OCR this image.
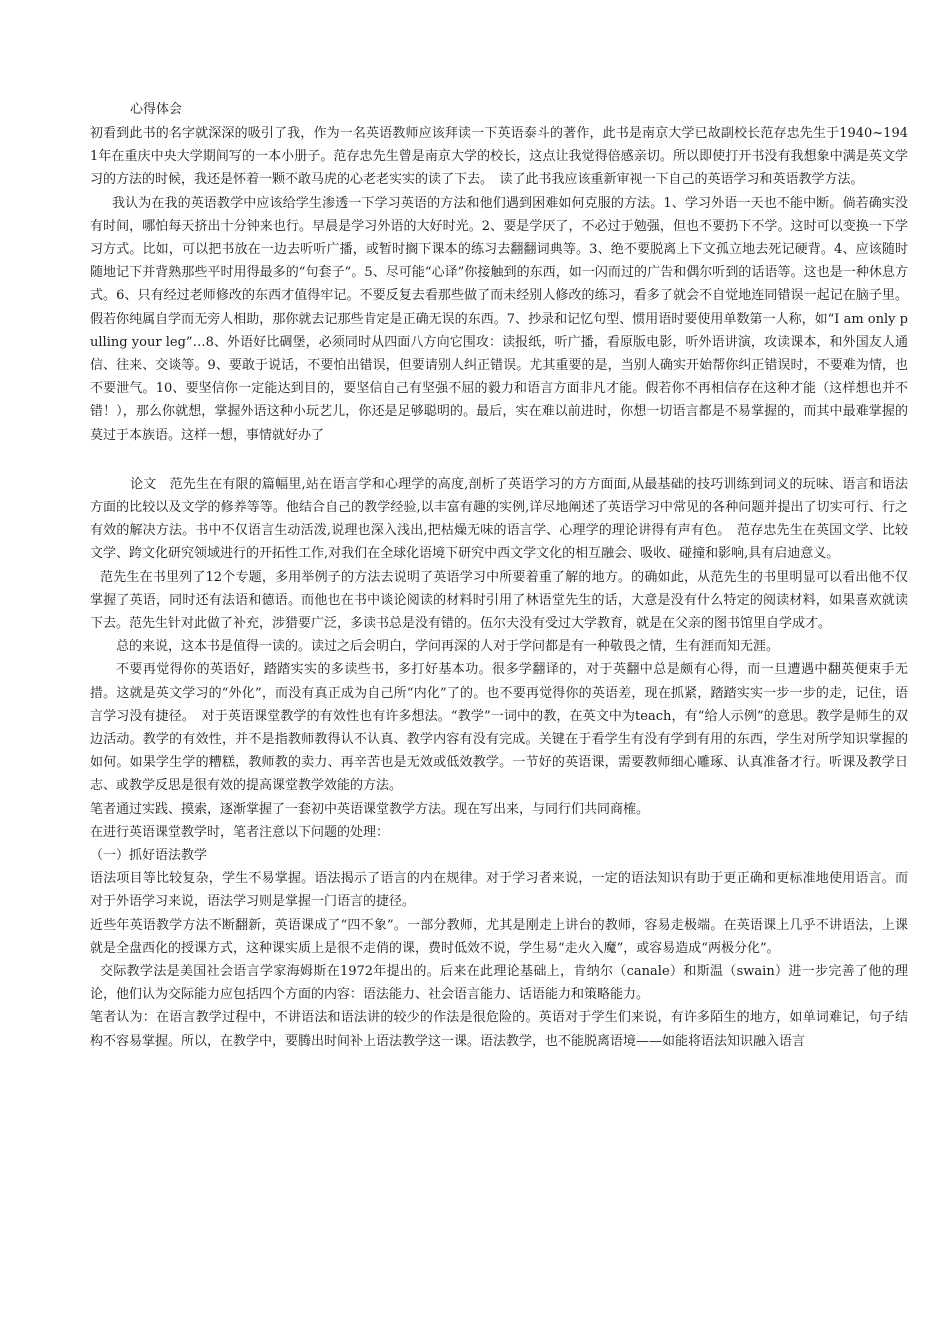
心得体会

初看到此书的名字就深深的吸引了我，作为一名英语教师应该拜读一下英语泰斗的著作，此书是南京大学已故副校长范存忠先生于1940~1941年在重庆中央大学期间写的一本小册子。范存忠先生曾是南京大学的校长，这点让我觉得倍感亲切。所以即使打开书没有我想象中满是英文学习的方法的时候，我还是怀着一颗不敢马虎的心老老实实的读了下去。　读了此书我应该重新审视一下自己的英语学习和英语教学方法。

我认为在我的英语教学中应该给学生渗透一下学习英语的方法和他们遇到困难如何克服的方法。1、学习外语一天也不能中断。倘若确实没有时间，哪怕每天挤出十分钟来也行。早晨是学习外语的大好时光。2、要是学厌了，不必过于勉强，但也不要扔下不学。这时可以变换一下学习方式。比如，可以把书放在一边去听听广播，或暂时搁下课本的练习去翻翻词典等。3、绝不要脱离上下文孤立地去死记硬背。4、应该随时随地记下并背熟那些平时用得最多的“句套子”。5、尽可能“心译”你接触到的东西，如一闪而过的广告和偶尔听到的话语等。这也是一种休息方式。6、只有经过老师修改的东西才值得牢记。不要反复去看那些做了而未经别人修改的练习，看多了就会不自觉地连同错误一起记在脑子里。假若你纯属自学而无旁人相助，那你就去记那些肯定是正确无误的东西。7、抄录和记忆句型、惯用语时要使用单数第一人称，如“I am only pulling your leg”…8、外语好比碉堡，必须同时从四面八方向它围攻：读报纸，听广播，看原版电影，听外语讲演，攻读课本，和外国友人通信、往来、交谈等。9、要敢于说话，不要怕出错误，但要请别人纠正错误。尤其重要的是，当别人确实开始帮你纠正错误时，不要难为情，也不要泄气。10、要坚信你一定能达到目的，要坚信自己有坚强不屈的毅力和语言方面非凡才能。假若你不再相信存在这种才能（这样想也并不错！），那么你就想，掌握外语这种小玩艺儿，你还是足够聪明的。最后，实在难以前进时，你想一切语言都是不易掌握的，而其中最难掌握的莫过于本族语。这样一想，事情就好办了

论文　范先生在有限的篇幅里,站在语言学和心理学的高度,剖析了英语学习的方方面面,从最基础的技巧训练到词义的玩味、语言和语法方面的比较以及文学的修养等等。他结合自己的教学经验,以丰富有趣的实例,详尽地阐述了英语学习中常见的各种问题并提出了切实可行、行之有效的解决方法。书中不仅语言生动活泼,说理也深入浅出,把枯燥无味的语言学、心理学的理论讲得有声有色。　范存忠先生在英国文学、比较文学、跨文化研究领域进行的开拓性工作,对我们在全球化语境下研究中西文学文化的相互融会、吸收、碰撞和影响,具有启迪意义。

范先生在书里列了12个专题，多用举例子的方法去说明了英语学习中所要着重了解的地方。的确如此，从范先生的书里明显可以看出他不仅掌握了英语，同时还有法语和德语。而他也在书中谈论阅读的材料时引用了林语堂先生的话，大意是没有什么特定的阅读材料，如果喜欢就读下去。范先生针对此做了补充，涉猎要广泛，多读书总是没有错的。伍尔夫没有受过大学教育，就是在父亲的图书馆里自学成才。

总的来说，这本书是值得一读的。读过之后会明白，学问再深的人对于学问都是有一种敬畏之情，生有涯而知无涯。

不要再觉得你的英语好，踏踏实实的多读些书，多打好基本功。很多学翻译的，对于英翻中总是颇有心得，而一旦遭遇中翻英便束手无措。这就是英文学习的“外化”，而没有真正成为自己所“内化”了的。也不要再觉得你的英语差，现在抓紧，踏踏实实一步一步的走，记住，语言学习没有捷径。　对于英语课堂教学的有效性也有许多想法。“教学”一词中的教，在英文中为teach，有“给人示例”的意思。教学是师生的双边活动。教学的有效性，并不是指教师教得认不认真、教学内容有没有完成。关键在于看学生有没有学到有用的东西，学生对所学知识掌握的如何。如果学生学的糟糕，教师教的卖力、再辛苦也是无效或低效教学。一节好的英语课，需要教师细心雕琢、认真准备才行。听课及教学日志、或教学反思是很有效的提高课堂教学效能的方法。

笔者通过实践、摸索，逐渐掌握了一套初中英语课堂教学方法。现在写出来，与同行们共同商榷。

在进行英语课堂教学时，笔者注意以下问题的处理：

（一）抓好语法教学

语法项目等比较复杂，学生不易掌握。语法揭示了语言的内在规律。对于学习者来说，一定的语法知识有助于更正确和更标准地使用语言。而对于外语学习来说，语法学习则是掌握一门语言的捷径。

近些年英语教学方法不断翻新，英语课成了“四不象”。一部分教师，尤其是刚走上讲台的教师，容易走极端。在英语课上几乎不讲语法，上课就是全盘西化的授课方式，这种课实质上是很不走俏的课，费时低效不说，学生易“走火入魔”，或容易造成“两极分化”。

交际教学法是美国社会语言学家海姆斯在1972年提出的。后来在此理论基础上，肯纳尔（canale）和斯温（swain）进一步完善了他的理论，他们认为交际能力应包括四个方面的内容：语法能力、社会语言能力、话语能力和策略能力。

笔者认为：在语言教学过程中，不讲语法和语法讲的较少的作法是很危险的。英语对于学生们来说，有许多陌生的地方，如单词难记，句子结构不容易掌握。所以，在教学中，要腾出时间补上语法教学这一课。语法教学，也不能脱离语境——如能将语法知识融入语言
